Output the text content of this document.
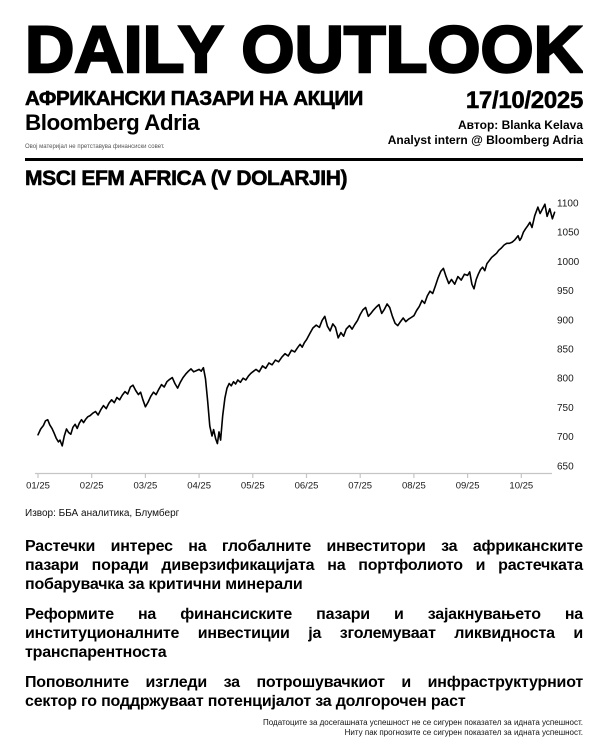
DAILY OUTLOOK
АФРИКАНСКИ ПАЗАРИ НА АКЦИИ
Bloomberg Adria
Овој материјал не претставува финансиски совет.
17/10/2025
Автор: Blanka Kelava
Analyst intern @ Bloomberg Adria
MSCI EFM AFRICA (V DOLARJIH)
01/25	02/25	03/25	04/25	05/25	06/25	07/25	08/25	09/25	10/25
650
700
750
800
850
900
950
1000
1050
1100
Извор: ББА аналитика, Блумберг
Растечки интерес на глобалните инвеститори за африканските
пазари поради диверзификацијата на портфолиото и растечката
побарувачка за критични минерали
Реформите на финансиските пазари и зајакнувањето на
институционалните инвестиции ја зголемуваат ликвидноста и
транспарентноста
Поповолните изгледи за потрошувачкиот и инфраструктурниот
сектор го поддржуваат потенцијалот за долгорочен раст
Податоците за досегашната успешност не се сигурен показател за идната успешност.
Ниту пак прогнозите се сигурен показател за идната успешност.
